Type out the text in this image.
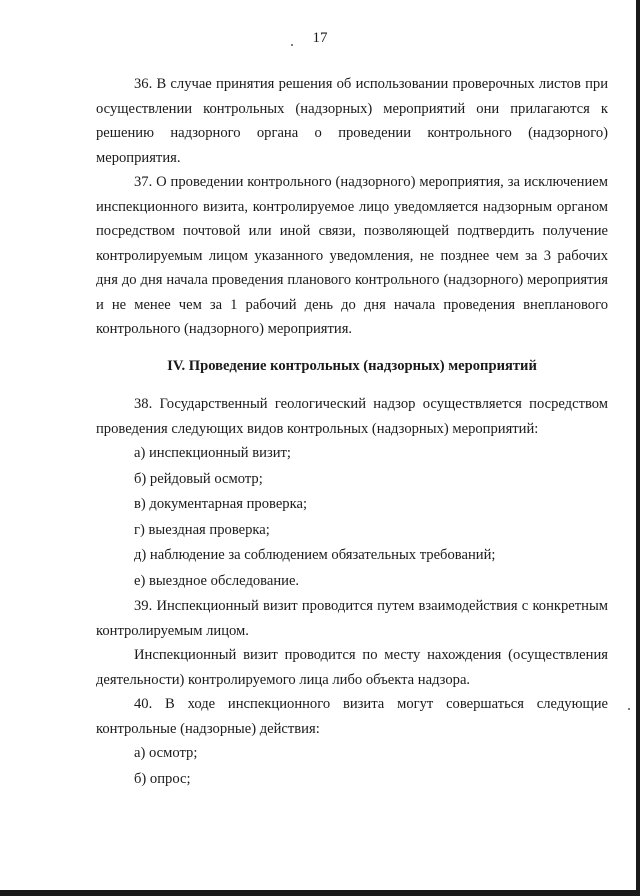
17

36. В случае принятия решения об использовании проверочных листов при осуществлении контрольных (надзорных) мероприятий они прилагаются к решению надзорного органа о проведении контрольного (надзорного) мероприятия.

37. О проведении контрольного (надзорного) мероприятия, за исключением инспекционного визита, контролируемое лицо уведомляется надзорным органом посредством почтовой или иной связи, позволяющей подтвердить получение контролируемым лицом указанного уведомления, не позднее чем за 3 рабочих дня до дня начала проведения планового контрольного (надзорного) мероприятия и не менее чем за 1 рабочий день до дня начала проведения внепланового контрольного (надзорного) мероприятия.

IV. Проведение контрольных (надзорных) мероприятий

38. Государственный геологический надзор осуществляется посредством проведения следующих видов контрольных (надзорных) мероприятий:

а) инспекционный визит;

б) рейдовый осмотр;

в) документарная проверка;

г) выездная проверка;

д) наблюдение за соблюдением обязательных требований;

е) выездное обследование.

39. Инспекционный визит проводится путем взаимодействия с конкретным контролируемым лицом.

Инспекционный визит проводится по месту нахождения (осуществления деятельности) контролируемого лица либо объекта надзора.

40. В ходе инспекционного визита могут совершаться следующие контрольные (надзорные) действия:

а) осмотр;

б) опрос;
